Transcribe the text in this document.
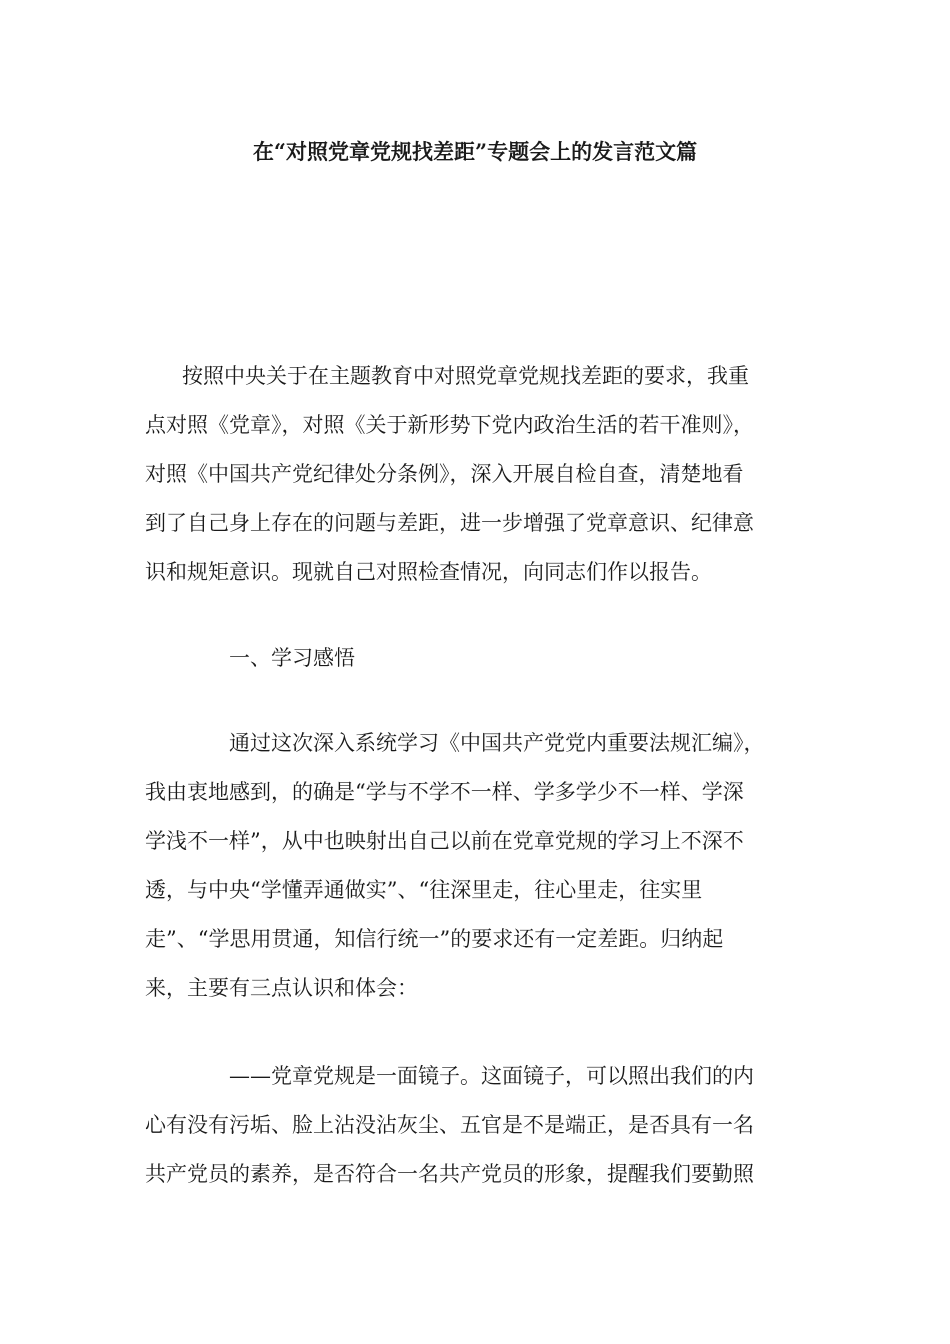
在“对照党章党规找差距”专题会上的发言范文篇

按照中央关于在主题教育中对照党章党规找差距的要求，我重
点对照《党章》，对照《关于新形势下党内政治生活的若干准则》，
对照《中国共产党纪律处分条例》，深入开展自检自查，清楚地看
到了自己身上存在的问题与差距，进一步增强了党章意识、纪律意
识和规矩意识。现就自己对照检查情况，向同志们作以报告。

一、学习感悟

通过这次深入系统学习《中国共产党党内重要法规汇编》，
我由衷地感到，的确是“学与不学不一样、学多学少不一样、学深
学浅不一样”，从中也映射出自己以前在党章党规的学习上不深不
透，与中央“学懂弄通做实”、“往深里走，往心里走，往实里
走”、“学思用贯通，知信行统一”的要求还有一定差距。归纳起
来，主要有三点认识和体会：

——党章党规是一面镜子。这面镜子，可以照出我们的内
心有没有污垢、脸上沾没沾灰尘、五官是不是端正，是否具有一名
共产党员的素养，是否符合一名共产党员的形象，提醒我们要勤照
